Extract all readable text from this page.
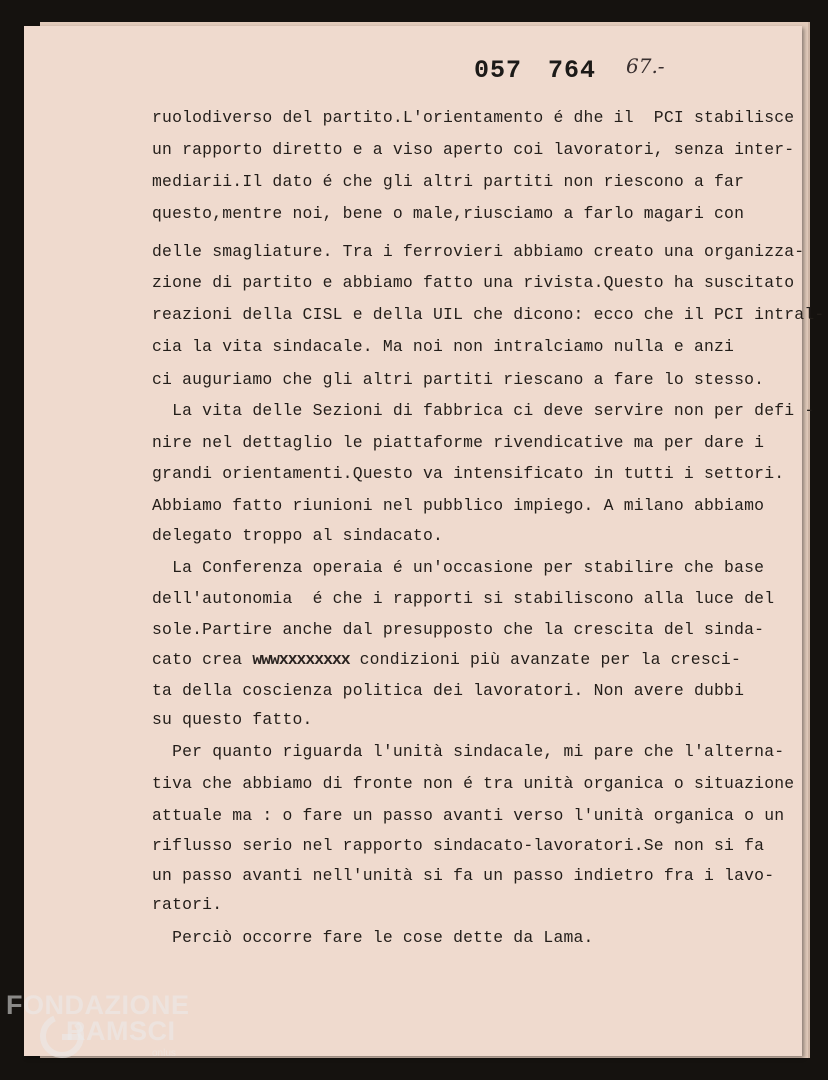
057 764 67.-
ruolodiverso del partito.L'orientamento é dhe il  PCI stabilisce
un rapporto diretto e a viso aperto coi lavoratori, senza inter-
mediarii.Il dato é che gli altri partiti non riescono a far
questo,mentre noi, bene o male,riusciamo a farlo magari con
delle smagliature. Tra i ferrovieri abbiamo creato una organizza-
zione di partito e abbiamo fatto una rivista.Questo ha suscitato
reazioni della CISL e della UIL che dicono: ecco che il PCI intral-
cia la vita sindacale. Ma noi non intralciamo nulla e anzi
ci auguriamo che gli altri partiti riescano a fare lo stesso.
La vita delle Sezioni di fabbrica ci deve servire non per defi -
nire nel dettaglio le piattaforme rivendicative ma per dare i
grandi orientamenti.Questo va intensificato in tutti i settori.
Abbiamo fatto riunioni nel pubblico impiego. A milano abbiamo
delegato troppo al sindacato.
La Conferenza operaia é un'occasione per stabilire che base
dell'autonomia  é che i rapporti si stabiliscono alla luce del
sole.Partire anche dal presupposto che la crescita del sinda-
cato crea wwwxxxxxxxx condizioni più avanzate per la cresci-
ta della coscienza politica dei lavoratori. Non avere dubbi
su questo fatto.
Per quanto riguarda l'unità sindacale, mi pare che l'alterna-
tiva che abbiamo di fronte non é tra unità organica o situazione
attuale ma : o fare un passo avanti verso l'unità organica o un
riflusso serio nel rapporto sindacato-lavoratori.Se non si fa
un passo avanti nell'unità si fa un passo indietro fra i lavo-
ratori.
Perciò occorre fare le cose dette da Lama.
FONDAZIONE
RAMSCI
onlus
